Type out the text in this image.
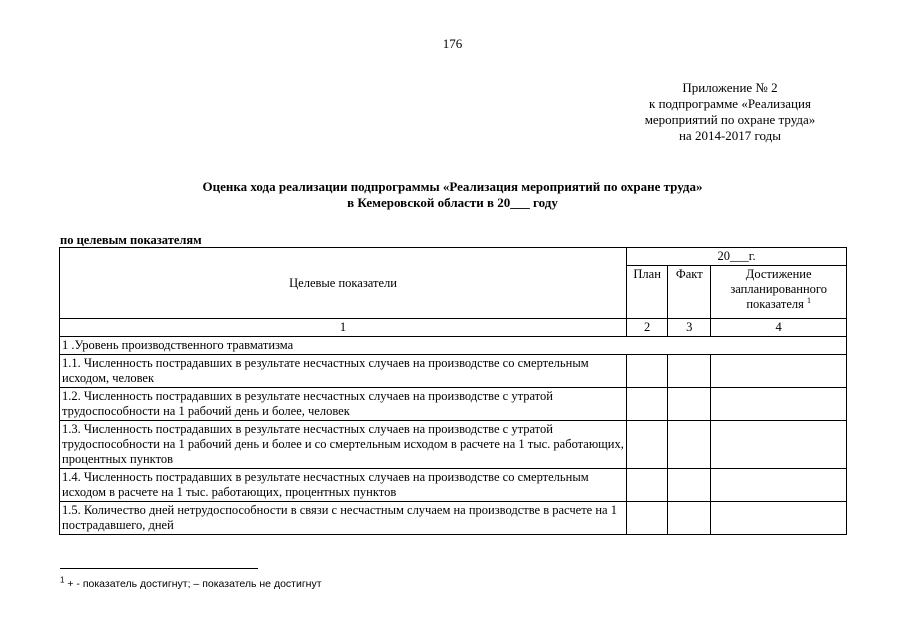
176
Приложение № 2
к подпрограмме «Реализация
мероприятий по охране труда»
на 2014-2017 годы
Оценка хода реализации подпрограммы «Реализация мероприятий по охране труда»
в Кемеровской области в 20___ году
по целевым показателям
Целевые показатели	20___г.		
	План	Факт	Достижение запланированного показателя $^1$
1	2	3	4
1 .Уровень производственного травматизма			
1.1. Численность пострадавших в результате несчастных случаев на производстве со смертельным исходом, человек			
1.2. Численность пострадавших в результате несчастных случаев на производстве с утратой трудоспособности на 1 рабочий день и более, человек			
1.3. Численность пострадавших в результате несчастных случаев на производстве с утратой трудоспособности на 1 рабочий день и более и со смертельным исходом в расчете на 1 тыс. работающих, процентных пунктов			
1.4. Численность пострадавших в результате несчастных случаев на производстве со смертельным исходом в расчете на 1 тыс. работающих, процентных пунктов			
1.5. Количество дней нетрудоспособности в связи с несчастным случаем на производстве в расчете на 1 пострадавшего, дней			
$^1$ + - показатель достигнут; – показатель не достигнут
